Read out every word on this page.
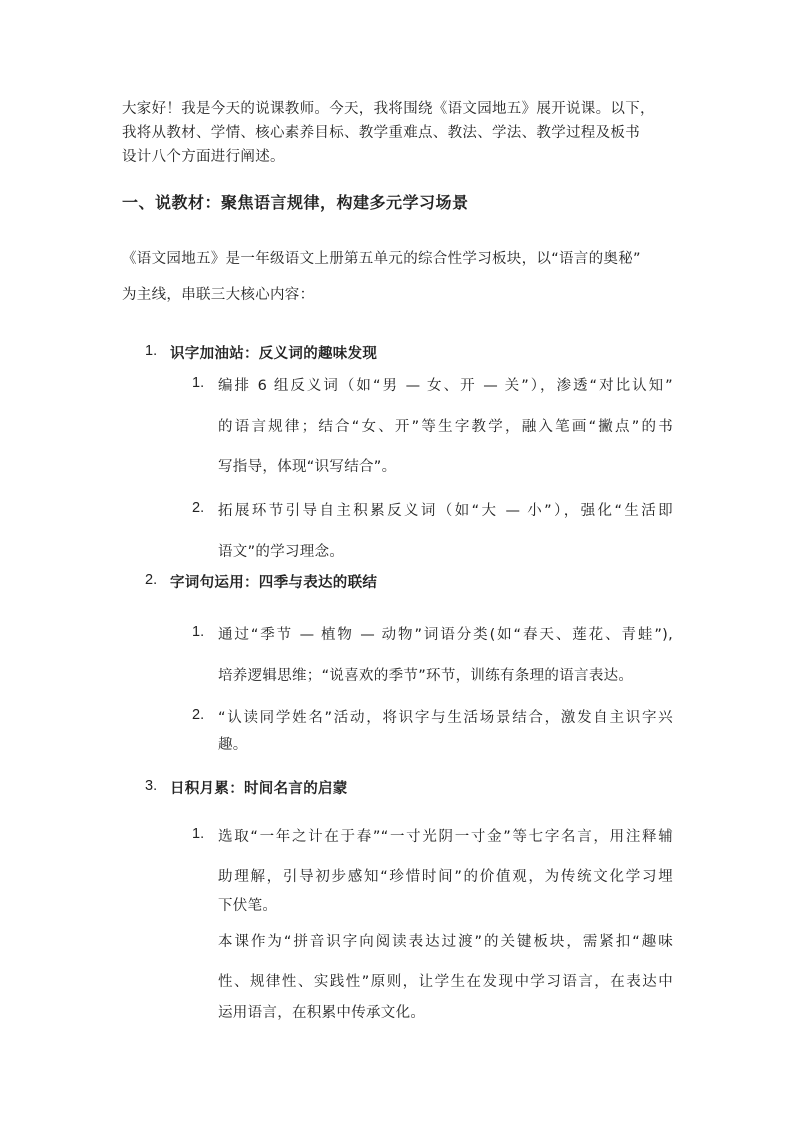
大家好！我是今天的说课教师。今天，我将围绕《语文园地五》展开说课。以下，
我将从教材、学情、核心素养目标、教学重难点、教法、学法、教学过程及板书
设计八个方面进行阐述。
一、说教材：聚焦语言规律，构建多元学习场景
《语文园地五》是一年级语文上册第五单元的综合性学习板块，以“语言的奥秘”
为主线，串联三大核心内容：
1. 识字加油站：反义词的趣味发现
1. 编排 6 组反义词（如“男 — 女、开 — 关”），渗透“对比认知”
的语言规律；结合“女、开”等生字教学，融入笔画“撇点”的书
写指导，体现“识写结合”。
2. 拓展环节引导自主积累反义词（如“大 — 小”），强化“生活即
语文”的学习理念。
2. 字词句运用：四季与表达的联结
1. 通过“季节 — 植物 — 动物”词语分类(如“春天、莲花、青蛙”),
培养逻辑思维；“说喜欢的季节”环节，训练有条理的语言表达。
2. “认读同学姓名”活动，将识字与生活场景结合，激发自主识字兴
趣。
3. 日积月累：时间名言的启蒙
1. 选取“一年之计在于春”“一寸光阴一寸金”等七字名言，用注释辅
助理解，引导初步感知“珍惜时间”的价值观，为传统文化学习埋
下伏笔。
本课作为“拼音识字向阅读表达过渡”的关键板块，需紧扣“趣味
性、规律性、实践性”原则，让学生在发现中学习语言，在表达中
运用语言，在积累中传承文化。
